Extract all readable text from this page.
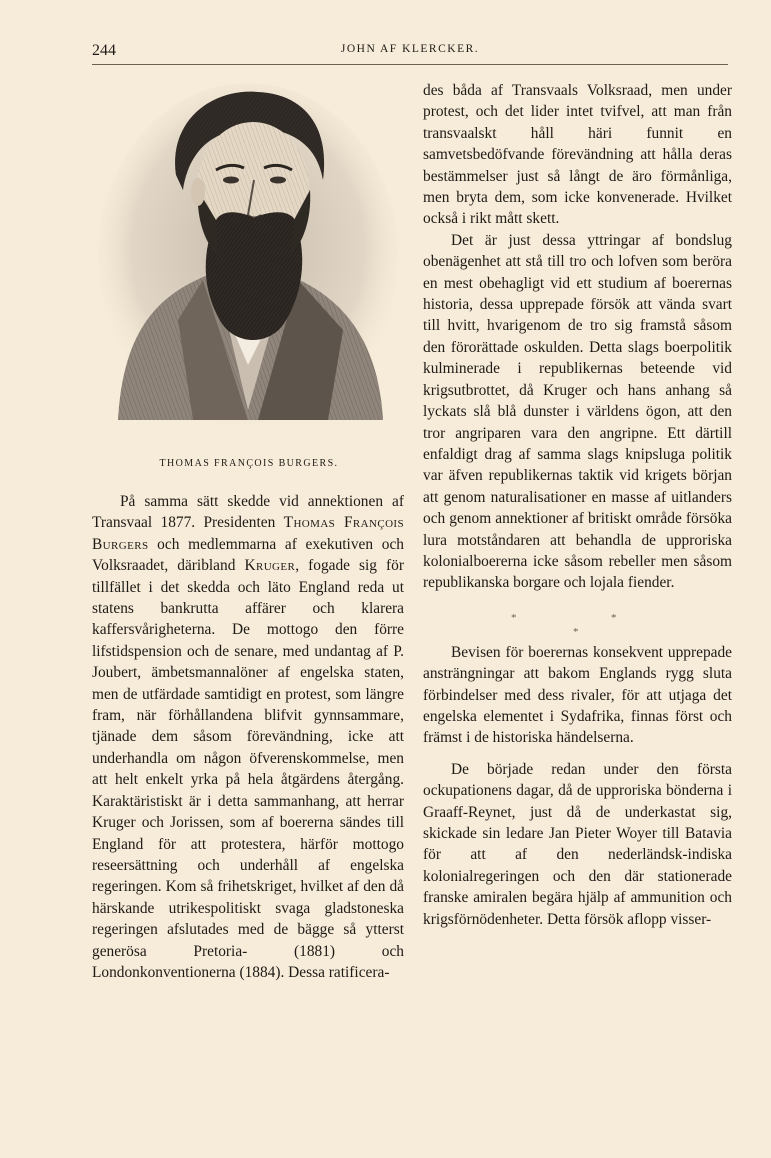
244	JOHN AF KLERCKER.
THOMAS FRANÇOIS BURGERS.

På samma sätt skedde vid annektionen af Transvaal 1877. Presidenten Thomas François Burgers och medlemmarna af exekutiven och Volksraadet, däribland Kruger, fogade sig för tillfället i det skedda och läto England reda ut statens bankrutta affärer och klarera kaffersvårigheterna. De mottogo den förre lifstidspension och de senare, med undantag af P. Joubert, ämbetsmannalöner af engelska staten, men de utfärdade samtidigt en protest, som längre fram, när förhållandena blifvit gynnsammare, tjänade dem såsom förevändning, icke att underhandla om någon öfverenskommelse, men att helt enkelt yrka på hela åtgärdens återgång. Karaktäristiskt är i detta sammanhang, att herrar Kruger och Jorissen, som af boererna sändes till England för att protestera, härför mottogo reseersättning och underhåll af engelska regeringen. Kom så frihetskriget, hvilket af den då härskande utrikespolitiskt svaga gladstoneska regeringen afslutades med de bägge så ytterst generösa Pretoria- (1881) och Londonkonventionerna (1884). Dessa ratificera-

des båda af Transvaals Volksraad, men under protest, och det lider intet tvifvel, att man från transvaalskt håll häri funnit en samvetsbedöfvande förevändning att hålla deras bestämmelser just så långt de äro förmånliga, men bryta dem, som icke konvenerade. Hvilket också i rikt mått skett.

Det är just dessa yttringar af bondslug obenägenhet att stå till tro och lofven som beröra en mest obehagligt vid ett studium af boerernas historia, dessa upprepade försök att vända svart till hvitt, hvarigenom de tro sig framstå såsom den förorättade oskulden. Detta slags boerpolitik kulminerade i republikernas beteende vid krigsutbrottet, då Kruger och hans anhang så lyckats slå blå dunster i världens ögon, att den tror angriparen vara den angripne. Ett därtill enfaldigt drag af samma slags knipsluga politik var äfven republikernas taktik vid krigets början att genom naturalisationer en masse af uitlanders och genom annektioner af britiskt område försöka lura motståndaren att behandla de upproriska kolonialboererna icke såsom rebeller men såsom republikanska borgare och lojala fiender.

*
*
*

Bevisen för boerernas konsekvent upprepade ansträngningar att bakom Englands rygg sluta förbindelser med dess rivaler, för att utjaga det engelska elementet i Sydafrika, finnas först och främst i de historiska händelserna.

De började redan under den första ockupationens dagar, då de upproriska bönderna i Graaff-Reynet, just då de underkastat sig, skickade sin ledare Jan Pieter Woyer till Batavia för att af den nederländsk-indiska kolonialregeringen och den där stationerade franske amiralen begära hjälp af ammunition och krigsförnödenheter. Detta försök aflopp visser-
